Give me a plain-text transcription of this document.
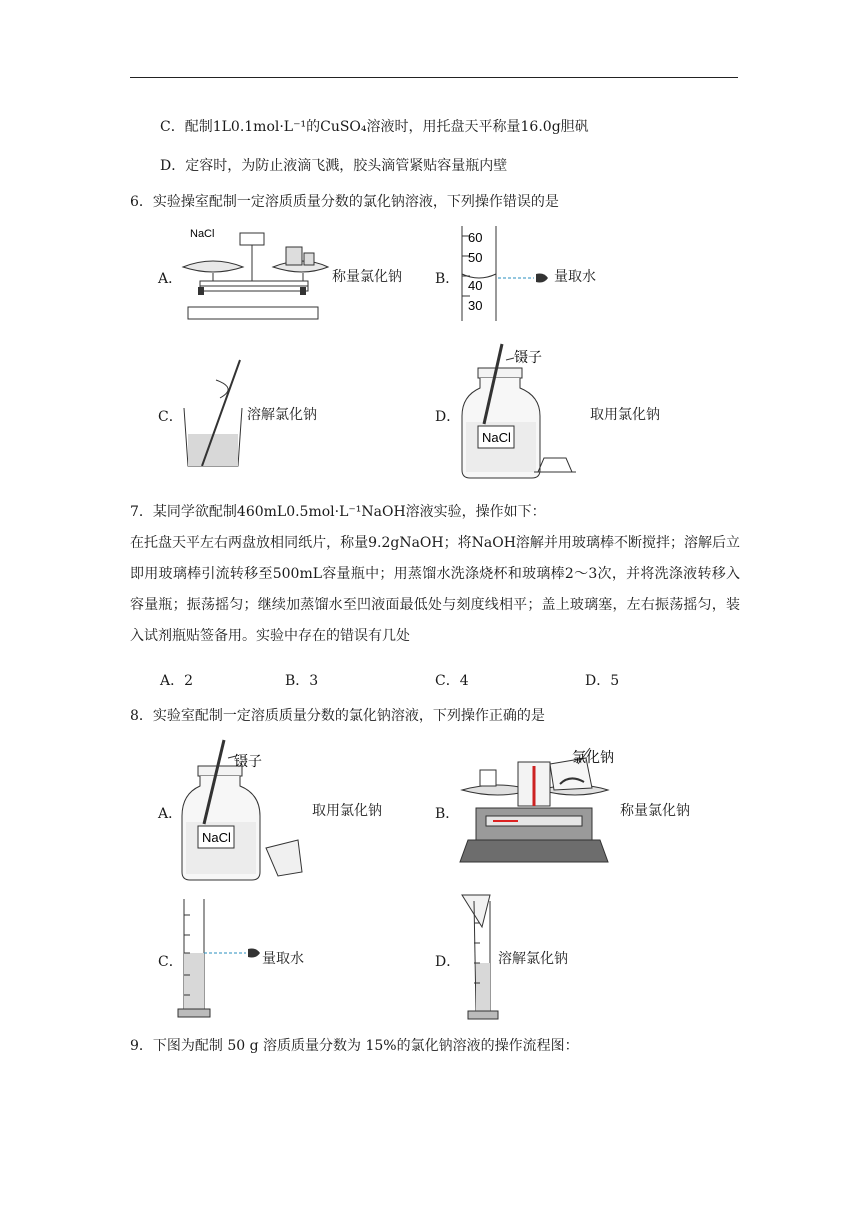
C．配制1L0.1mol·L⁻¹的CuSO₄溶液时，用托盘天平称量16.0g胆矾
D．定容时，为防止液滴飞溅，胶头滴管紧贴容量瓶内壁
6．实验操室配制一定溶质质量分数的氯化钠溶液，下列操作错误的是
A．
NaCl
称量氯化钠 B．
60
50
40
30
量取水
C．	溶解氯化钠	D．
NaCl
镊子
取用氯化钠
7．某同学欲配制460mL0.5mol·L⁻¹NaOH溶液实验，操作如下：
在托盘天平左右两盘放相同纸片，称量9.2gNaOH；将NaOH溶解并用玻璃棒不断搅拌；溶解后立即用玻璃棒引流转移至500mL容量瓶中；用蒸馏水洗涤烧杯和玻璃棒2～3次，并将洗涤液转移入容量瓶；振荡摇匀；继续加蒸馏水至凹液面最低处与刻度线相平；盖上玻璃塞，左右振荡摇匀，装入试剂瓶贴签备用。实验中存在的错误有几处
A．2	B．3	C．4	D．5
8．实验室配制一定溶质质量分数的氯化钠溶液，下列操作正确的是
A．
NaCl
镊子
取用氯化钠	B．
氯化钠
称量氯化钠
C．	量取水	D．	溶解氯化钠
9．下图为配制 50 g 溶质质量分数为 15%的氯化钠溶液的操作流程图：
